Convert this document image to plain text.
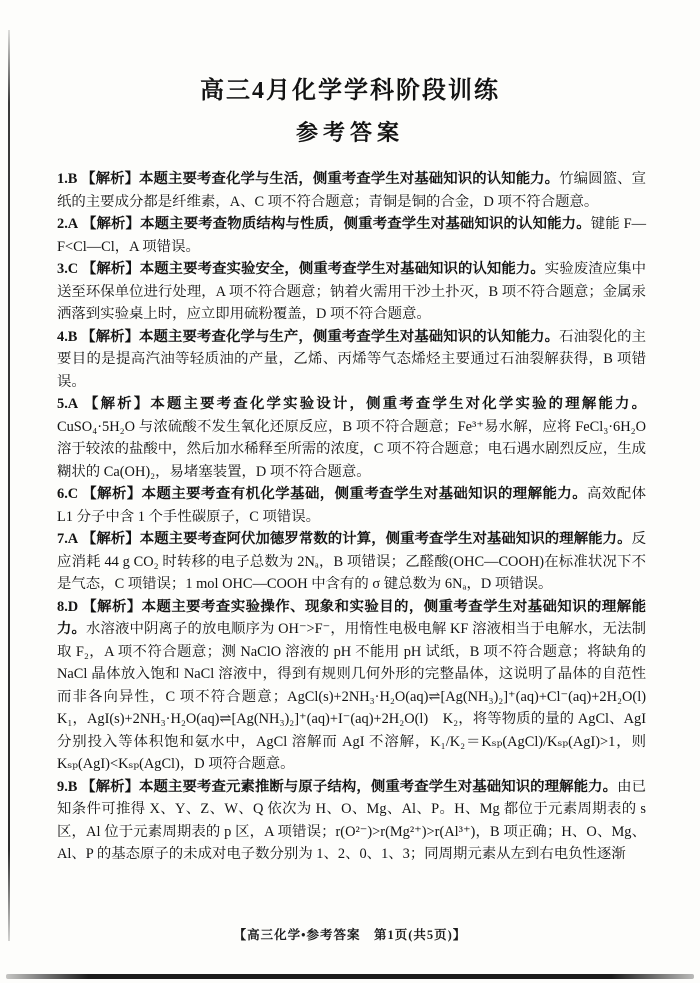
高三4月化学学科阶段训练
参考答案

1.B 【解析】本题主要考查化学与生活，侧重考查学生对基础知识的认知能力。竹编圆篮、宣纸的主要成分都是纤维素，A、C 项不符合题意；青铜是铜的合金，D 项不符合题意。

2.A 【解析】本题主要考查物质结构与性质，侧重考查学生对基础知识的认知能力。键能 F—F<Cl—Cl，A 项错误。

3.C 【解析】本题主要考查实验安全，侧重考查学生对基础知识的认知能力。实验废渣应集中送至环保单位进行处理，A 项不符合题意；钠着火需用干沙土扑灭，B 项不符合题意；金属汞洒落到实验桌上时，应立即用硫粉覆盖，D 项不符合题意。

4.B 【解析】本题主要考查化学与生产，侧重考查学生对基础知识的认知能力。石油裂化的主要目的是提高汽油等轻质油的产量，乙烯、丙烯等气态烯烃主要通过石油裂解获得，B 项错误。

5.A 【解析】本题主要考查化学实验设计，侧重考查学生对化学实验的理解能力。CuSO₄·5H₂O 与浓硫酸不发生氧化还原反应，B 项不符合题意；Fe³⁺易水解，应将 FeCl₃·6H₂O 溶于较浓的盐酸中，然后加水稀释至所需的浓度，C 项不符合题意；电石遇水剧烈反应，生成糊状的 Ca(OH)₂，易堵塞装置，D 项不符合题意。

6.C 【解析】本题主要考查有机化学基础，侧重考查学生对基础知识的理解能力。高效配体 L1 分子中含 1 个手性碳原子，C 项错误。

7.A 【解析】本题主要考查阿伏加德罗常数的计算，侧重考查学生对基础知识的理解能力。反应消耗 44 g CO₂ 时转移的电子总数为 2Nₐ，B 项错误；乙醛酸(OHC—COOH)在标准状况下不是气态，C 项错误；1 mol OHC—COOH 中含有的 σ 键总数为 6Nₐ，D 项错误。

8.D 【解析】本题主要考查实验操作、现象和实验目的，侧重考查学生对基础知识的理解能力。水溶液中阴离子的放电顺序为 OH⁻>F⁻，用惰性电极电解 KF 溶液相当于电解水，无法制取 F₂，A 项不符合题意；测 NaClO 溶液的 pH 不能用 pH 试纸，B 项不符合题意；将缺角的 NaCl 晶体放入饱和 NaCl 溶液中，得到有规则几何外形的完整晶体，这说明了晶体的自范性而非各向异性，C 项不符合题意；AgCl(s)+2NH₃·H₂O(aq)⇌[Ag(NH₃)₂]⁺(aq)+Cl⁻(aq)+2H₂O(l)　K₁，AgI(s)+2NH₃·H₂O(aq)⇌[Ag(NH₃)₂]⁺(aq)+I⁻(aq)+2H₂O(l)　K₂，将等物质的量的 AgCl、AgI 分别投入等体积饱和氨水中，AgCl 溶解而 AgI 不溶解，K₁/K₂＝Kₛₚ(AgCl)/Kₛₚ(AgI)>1，则 Kₛₚ(AgI)<Kₛₚ(AgCl)，D 项符合题意。

9.B 【解析】本题主要考查元素推断与原子结构，侧重考查学生对基础知识的理解能力。由已知条件可推得 X、Y、Z、W、Q 依次为 H、O、Mg、Al、P。H、Mg 都位于元素周期表的 s 区，Al 位于元素周期表的 p 区，A 项错误；r(O²⁻)>r(Mg²⁺)>r(Al³⁺)，B 项正确；H、O、Mg、Al、P 的基态原子的未成对电子数分别为 1、2、0、1、3；同周期元素从左到右电负性逐渐

【高三化学•参考答案　第1页(共5页)】
